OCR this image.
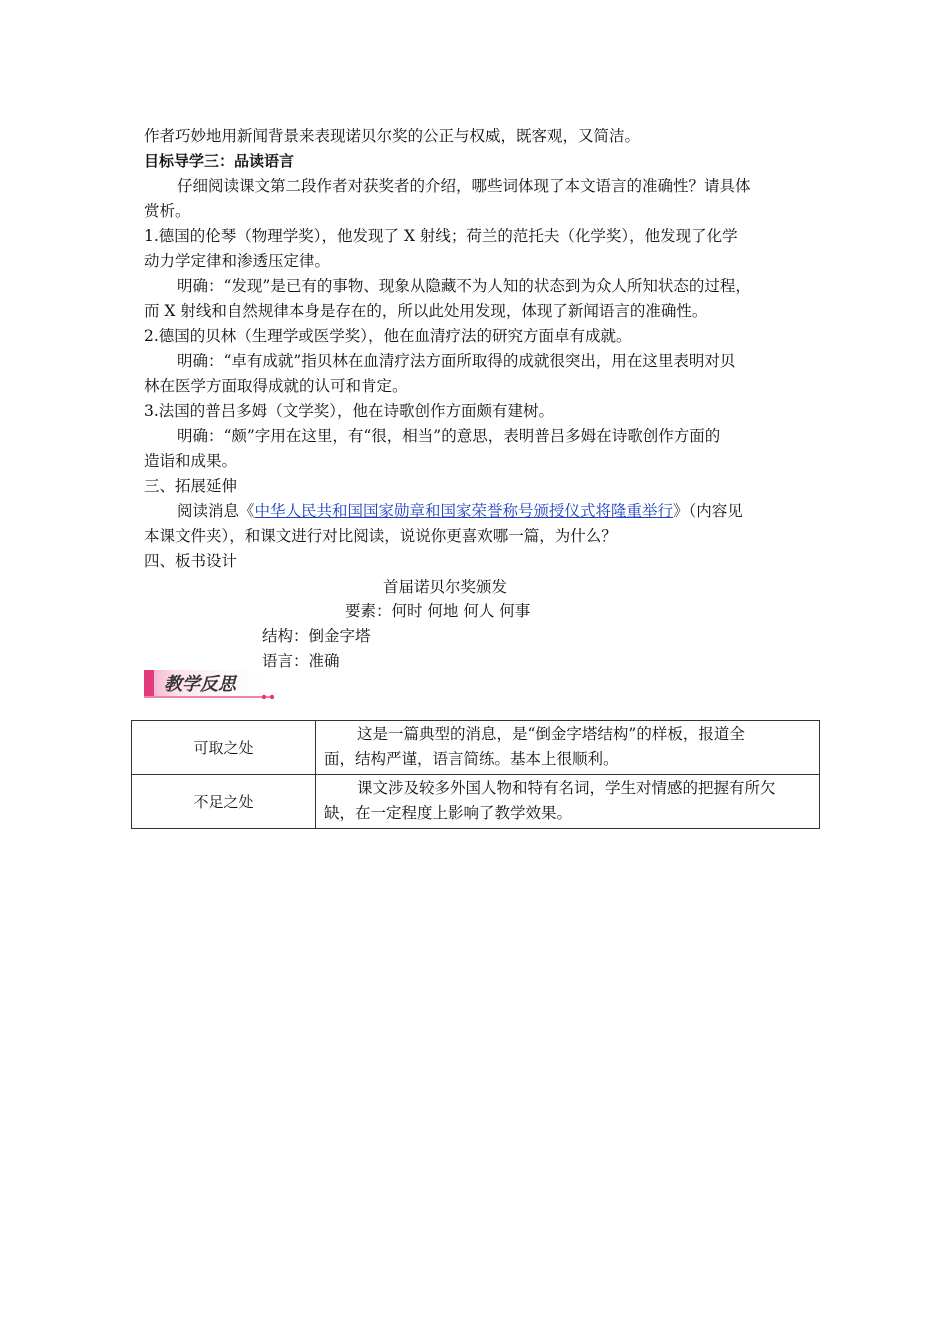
作者巧妙地用新闻背景来表现诺贝尔奖的公正与权威，既客观，又简洁。
目标导学三：品读语言
仔细阅读课文第二段作者对获奖者的介绍，哪些词体现了本文语言的准确性？请具体
赏析。
1.德国的伦琴（物理学奖），他发现了 X 射线；荷兰的范托夫（化学奖），他发现了化学
动力学定律和渗透压定律。
明确：“发现”是已有的事物、现象从隐藏不为人知的状态到为众人所知状态的过程，
而 X 射线和自然规律本身是存在的，所以此处用发现，体现了新闻语言的准确性。
2.德国的贝林（生理学或医学奖），他在血清疗法的研究方面卓有成就。
明确：“卓有成就”指贝林在血清疗法方面所取得的成就很突出，用在这里表明对贝
林在医学方面取得成就的认可和肯定。
3.法国的普吕多姆（文学奖），他在诗歌创作方面颇有建树。
明确：“颇”字用在这里，有“很，相当”的意思，表明普吕多姆在诗歌创作方面的
造诣和成果。
三、拓展延伸
阅读消息《中华人民共和国国家勋章和国家荣誉称号颁授仪式将隆重举行》（内容见
本课文件夹），和课文进行对比阅读，说说你更喜欢哪一篇，为什么？
四、板书设计
首届诺贝尔奖颁发
要素：何时 何地 何人 何事
结构：倒金字塔
语言：准确
教学反思
可取之处	这是一篇典型的消息，是“倒金字塔结构”的样板，报道全
面，结构严谨，语言简练。基本上很顺利。

不足之处	课文涉及较多外国人物和特有名词，学生对情感的把握有所欠
缺，在一定程度上影响了教学效果。
